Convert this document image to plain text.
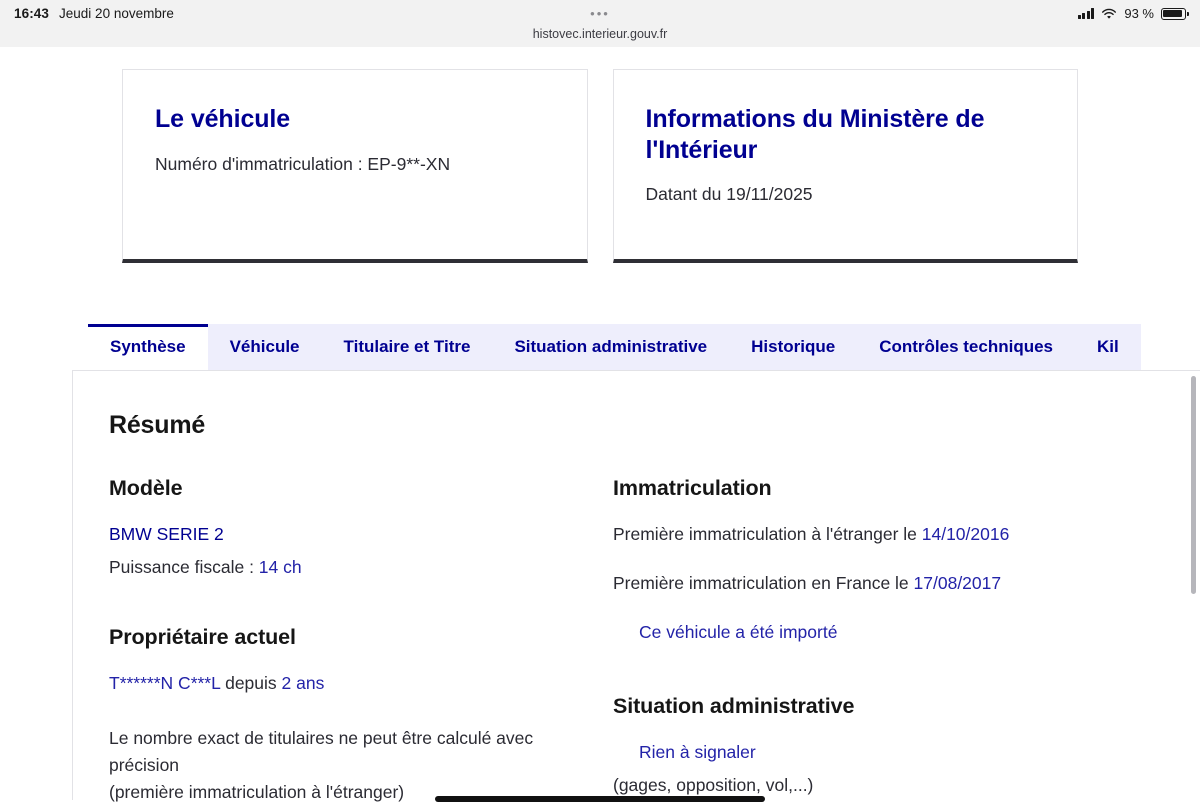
16:43 Jeudi 20 novembre	•••	93 %
histovec.interieur.gouv.fr
Le véhicule

Numéro d'immatriculation : EP-9**-XN

Informations du Ministère de l'Intérieur

Datant du 19/11/2025

Synthèse	Véhicule	Titulaire et Titre	Situation administrative	Historique	Contrôles techniques	Kil
Résumé
Modèle
BMW SERIE 2
Puissance fiscale : 14 ch
Propriétaire actuel
T******N C***L depuis 2 ans
Le nombre exact de titulaires ne peut être calculé avec
précision
(première immatriculation à l'étranger)
Immatriculation
Première immatriculation à l'étranger le 14/10/2016
Première immatriculation en France le 17/08/2017
Ce véhicule a été importé
Situation administrative
Rien à signaler
(gages, opposition, vol,...)
